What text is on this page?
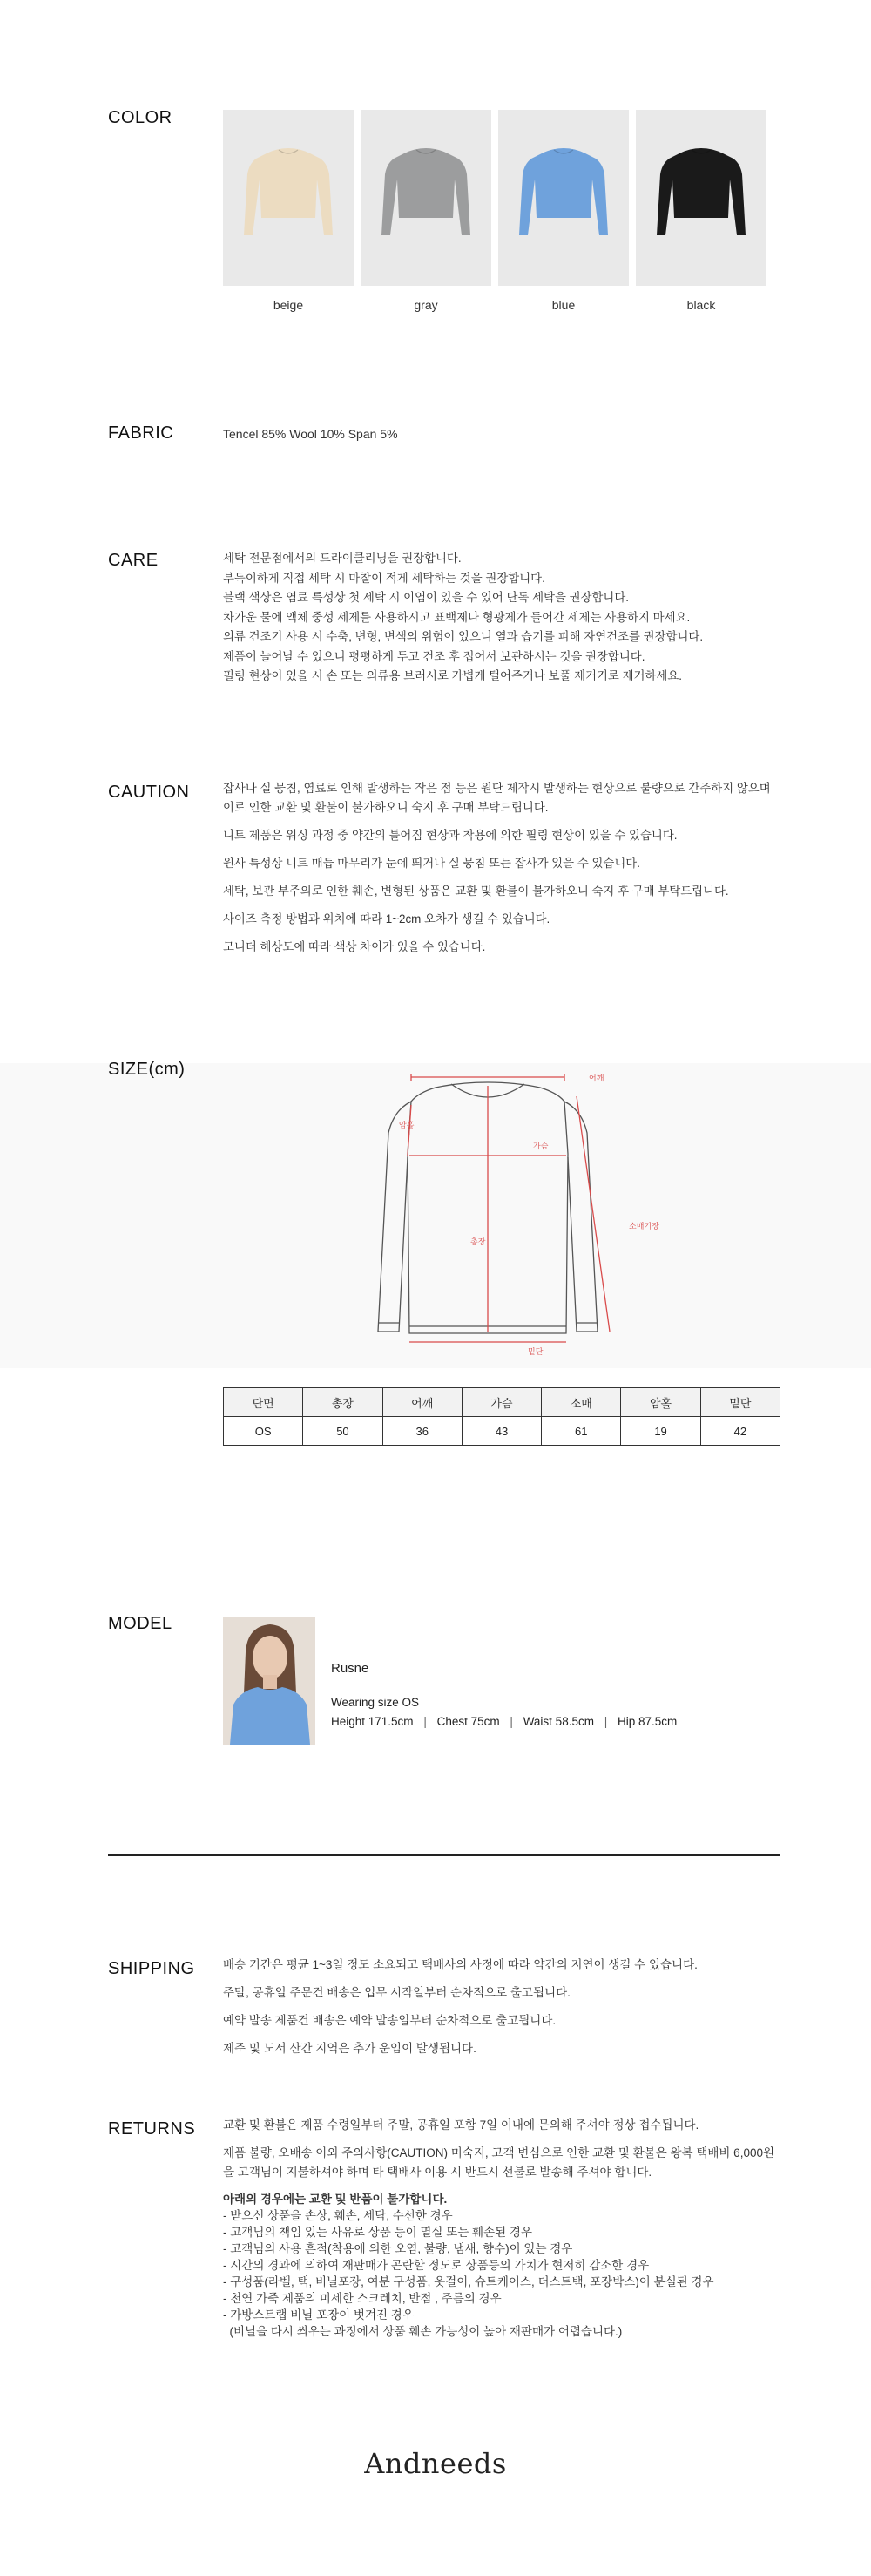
COLOR
beige	gray	blue	black
FABRIC	Tencel 85% Wool 10% Span 5%
CARE	세탁 전문점에서의 드라이클리닝을 권장합니다.
부득이하게 직접 세탁 시 마찰이 적게 세탁하는 것을 권장합니다.
블랙 색상은 염료 특성상 첫 세탁 시 이염이 있을 수 있어 단독 세탁을 권장합니다.
차가운 물에 액체 중성 세제를 사용하시고 표백제나 형광제가 들어간 세제는 사용하지 마세요.
의류 건조기 사용 시 수축, 변형, 변색의 위험이 있으니 열과 습기를 피해 자연건조를 권장합니다.
제품이 늘어날 수 있으니 평평하게 두고 건조 후 접어서 보관하시는 것을 권장합니다.
필링 현상이 있을 시 손 또는 의류용 브러시로 가볍게 털어주거나 보풀 제거기로 제거하세요.
CAUTION	잡사나 실 뭉침, 염료로 인해 발생하는 작은 점 등은 원단 제작시 발생하는 현상으로 불량으로 간주하지 않으며 이로 인한 교환 및 환불이 불가하오니 숙지 후 구매 부탁드립니다.
니트 제품은 워싱 과정 중 약간의 틀어짐 현상과 착용에 의한 필링 현상이 있을 수 있습니다.
원사 특성상 니트 매듭 마무리가 눈에 띄거나 실 뭉침 또는 잡사가 있을 수 있습니다.
세탁, 보관 부주의로 인한 훼손, 변형된 상품은 교환 및 환불이 불가하오니 숙지 후 구매 부탁드립니다.
사이즈 측정 방법과 위치에 따라 1~2cm 오차가 생길 수 있습니다.
모니터 해상도에 따라 색상 차이가 있을 수 있습니다.
SIZE(cm)	어깨
암홀
가슴
소매기장
총장
밑단
단면	총장	어깨	가슴	소매	암홀	밑단
OS	50	36	43	61	19	42
MODEL
Rusne
Wearing size OS
Height 171.5cm | Chest 75cm | Waist 58.5cm | Hip 87.5cm
SHIPPING 배송 기간은 평균 1~3일 정도 소요되고 택배사의 사정에 따라 약간의 지연이 생길 수 있습니다.
주말, 공휴일 주문건 배송은 업무 시작일부터 순차적으로 출고됩니다.
예약 발송 제품건 배송은 예약 발송일부터 순차적으로 출고됩니다.
제주 및 도서 산간 지역은 추가 운임이 발생됩니다.
RETURNS 교환 및 환불은 제품 수령일부터 주말, 공휴일 포함 7일 이내에 문의해 주셔야 정상 접수됩니다.
제품 불량, 오배송 이외 주의사항(CAUTION) 미숙지, 고객 변심으로 인한 교환 및 환불은 왕복 택배비 6,000원을 고객님이 지불하셔야 하며 타 택배사 이용 시 반드시 선불로 발송해 주셔야 합니다.
아래의 경우에는 교환 및 반품이 불가합니다.
- 받으신 상품을 손상, 훼손, 세탁, 수선한 경우
- 고객님의 책임 있는 사유로 상품 등이 멸실 또는 훼손된 경우
- 고객님의 사용 흔적(착용에 의한 오염, 불량, 냄새, 향수)이 있는 경우
- 시간의 경과에 의하여 재판매가 곤란할 정도로 상품등의 가치가 현저히 감소한 경우
- 구성품(라벨, 택, 비닐포장, 여분 구성품, 옷걸이, 슈트케이스, 더스트백, 포장박스)이 분실된 경우
- 천연 가죽 제품의 미세한 스크레치, 반점 , 주름의 경우
- 가방스트랩 비닐 포장이 벗겨진 경우
(비닐을 다시 씌우는 과정에서 상품 훼손 가능성이 높아 재판매가 어렵습니다.)
Andneeds
